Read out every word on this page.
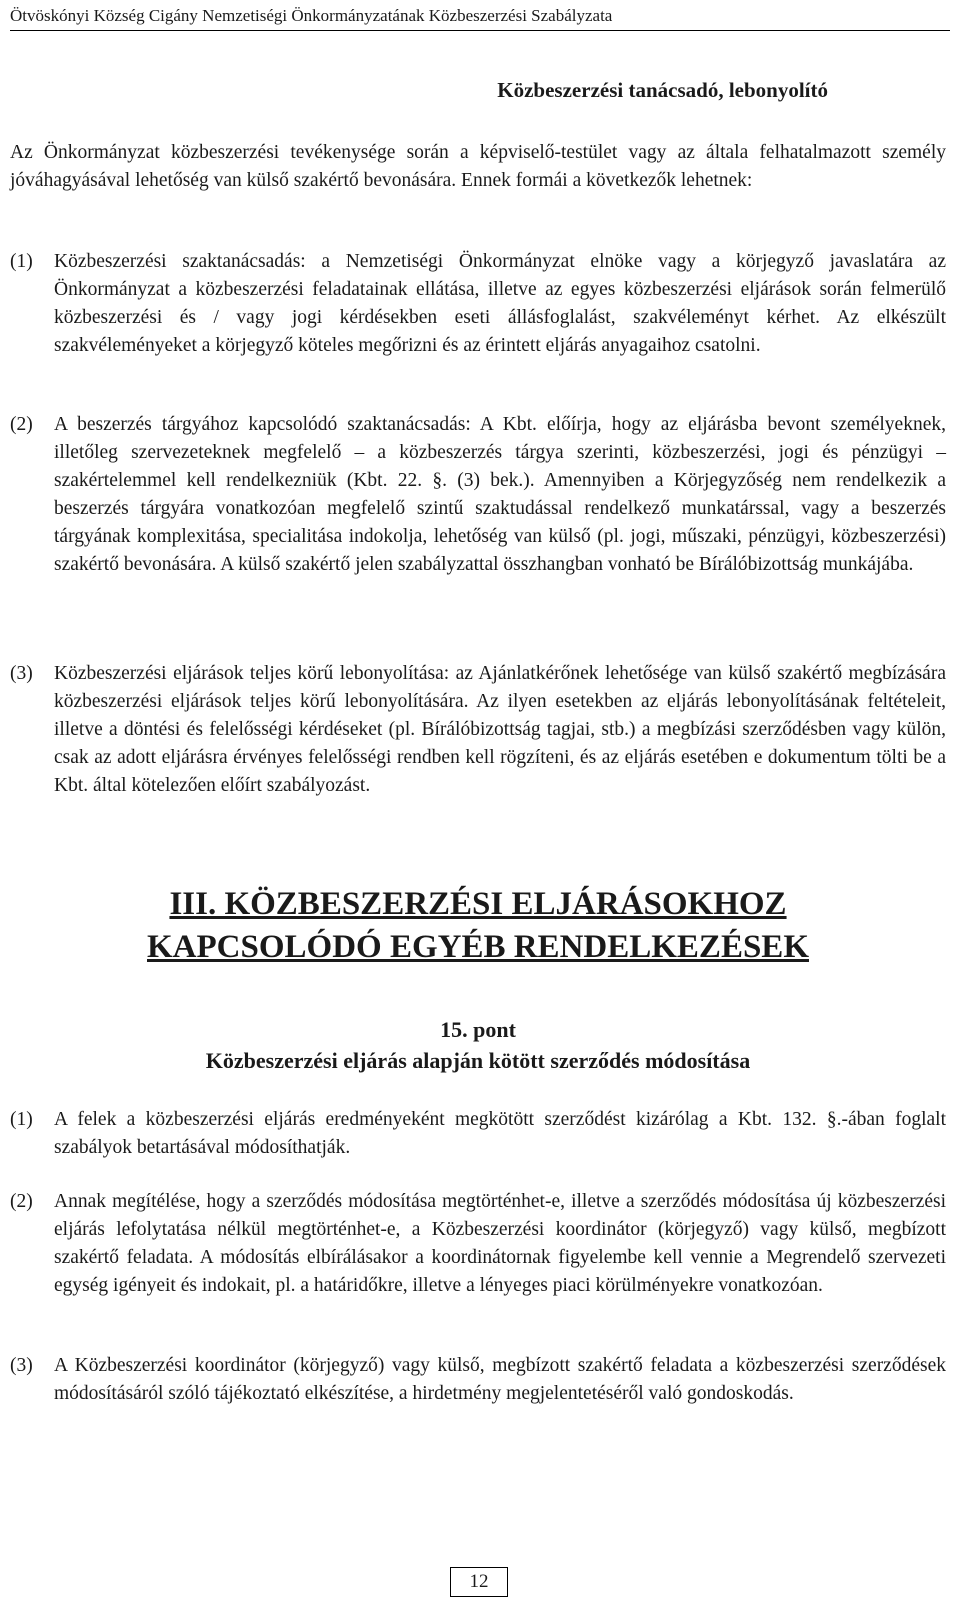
Ötvöskónyi Község Cigány Nemzetiségi Önkormányzatának Közbeszerzési Szabályzata

Közbeszerzési tanácsadó, lebonyolító

Az Önkormányzat közbeszerzési tevékenysége során a képviselő-testület vagy az általa felhatalmazott személy jóváhagyásával lehetőség van külső szakértő bevonására. Ennek formái a következők lehetnek:

(1) Közbeszerzési szaktanácsadás: a Nemzetiségi Önkormányzat elnöke vagy a körjegyző javaslatára az Önkormányzat a közbeszerzési feladatainak ellátása, illetve az egyes közbeszerzési eljárások során felmerülő közbeszerzési és / vagy jogi kérdésekben eseti állásfoglalást, szakvéleményt kérhet. Az elkészült szakvéleményeket a körjegyző köteles megőrizni és az érintett eljárás anyagaihoz csatolni.

(2) A beszerzés tárgyához kapcsolódó szaktanácsadás: A Kbt. előírja, hogy az eljárásba bevont személyeknek, illetőleg szervezeteknek megfelelő – a közbeszerzés tárgya szerinti, közbeszerzési, jogi és pénzügyi – szakértelemmel kell rendelkezniük (Kbt. 22. §. (3) bek.). Amennyiben a Körjegyzőség nem rendelkezik a beszerzés tárgyára vonatkozóan megfelelő szintű szaktudással rendelkező munkatárssal, vagy a beszerzés tárgyának komplexitása, specialitása indokolja, lehetőség van külső (pl. jogi, műszaki, pénzügyi, közbeszerzési) szakértő bevonására. A külső szakértő jelen szabályzattal összhangban vonható be Bírálóbizottság munkájába.

(3) Közbeszerzési eljárások teljes körű lebonyolítása: az Ajánlatkérőnek lehetősége van külső szakértő megbízására közbeszerzési eljárások teljes körű lebonyolítására. Az ilyen esetekben az eljárás lebonyolításának feltételeit, illetve a döntési és felelősségi kérdéseket (pl. Bírálóbizottság tagjai, stb.) a megbízási szerződésben vagy külön, csak az adott eljárásra érvényes felelősségi rendben kell rögzíteni, és az eljárás esetében e dokumentum tölti be a Kbt. által kötelezően előírt szabályozást.

III. KÖZBESZERZÉSI ELJÁRÁSOKHOZ
KAPCSOLÓDÓ EGYÉB RENDELKEZÉSEK
15. pont
Közbeszerzési eljárás alapján kötött szerződés módosítása
(1) A felek a közbeszerzési eljárás eredményeként megkötött szerződést kizárólag a Kbt. 132. §.-ában foglalt szabályok betartásával módosíthatják.

(2) Annak megítélése, hogy a szerződés módosítása megtörténhet-e, illetve a szerződés módosítása új közbeszerzési eljárás lefolytatása nélkül megtörténhet-e, a Közbeszerzési koordinátor (körjegyző) vagy külső, megbízott szakértő feladata. A módosítás elbírálásakor a koordinátornak figyelembe kell vennie a Megrendelő szervezeti egység igényeit és indokait, pl. a határidőkre, illetve a lényeges piaci körülményekre vonatkozóan.

(3) A Közbeszerzési koordinátor (körjegyző) vagy külső, megbízott szakértő feladata a közbeszerzési szerződések módosításáról szóló tájékoztató elkészítése, a hirdetmény megjelentetéséről való gondoskodás.

12
